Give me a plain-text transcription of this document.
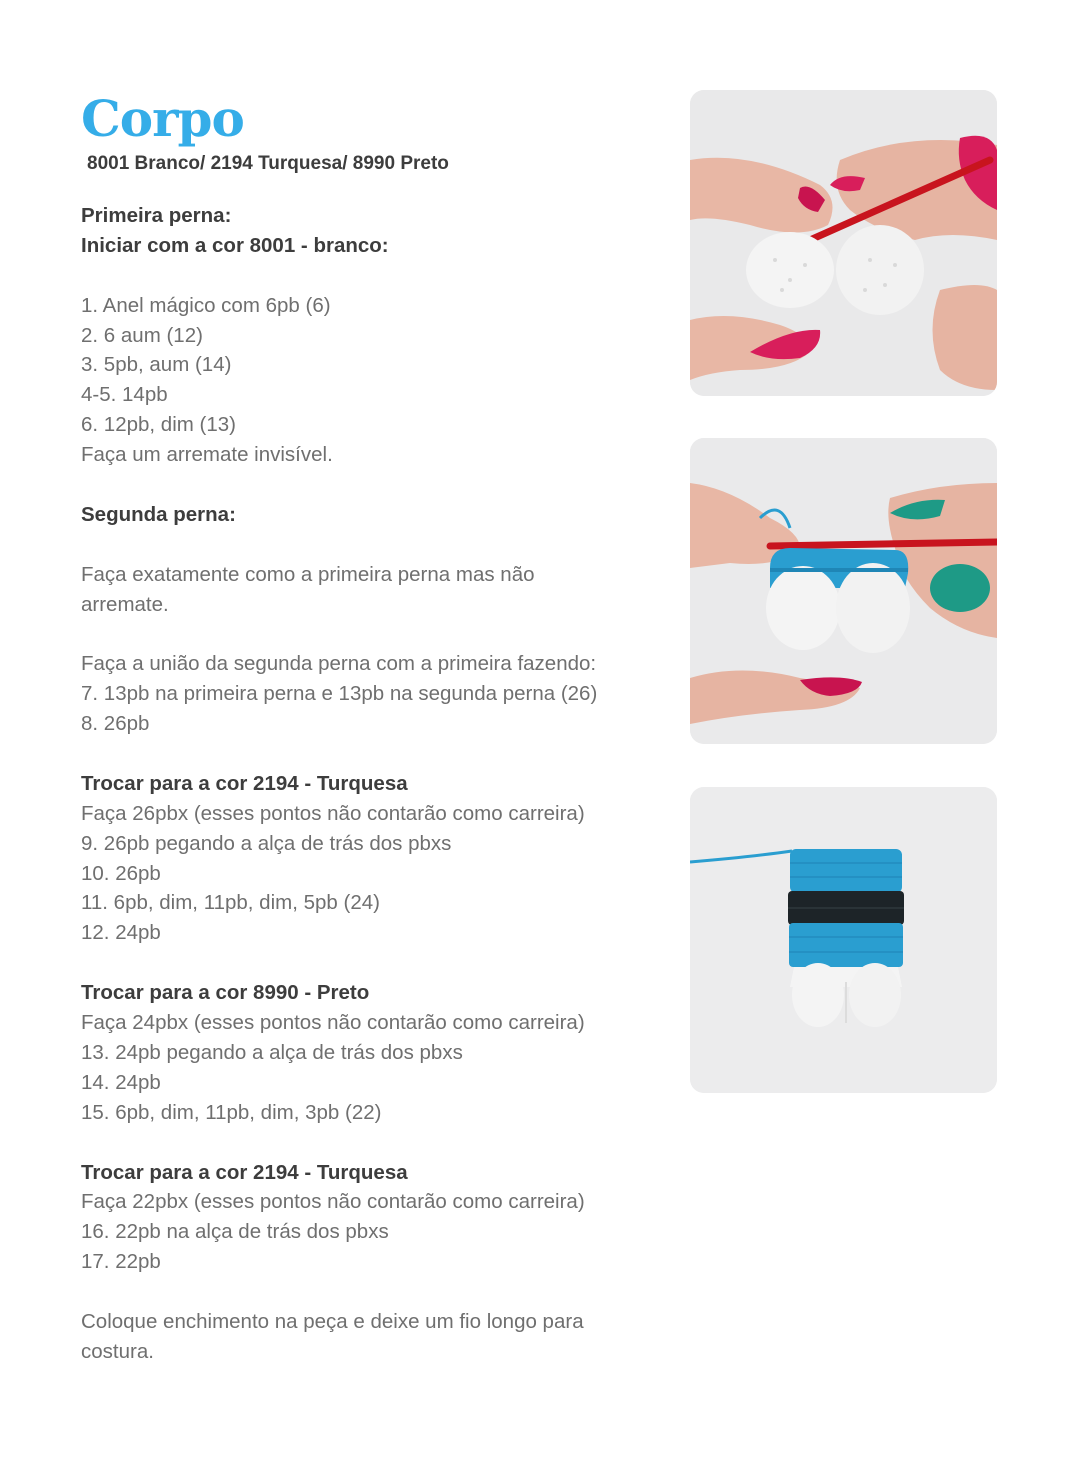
Corpo
8001 Branco/ 2194 Turquesa/ 8990 Preto
Primeira perna:
Iniciar com a cor 8001 - branco:
1. Anel mágico com 6pb (6)
2. 6 aum (12)
3. 5pb, aum (14)
4-5. 14pb
6. 12pb, dim (13)
Faça um arremate invisível.
Segunda perna:
Faça exatamente como a primeira perna mas não
arremate.
Faça a união da segunda perna com a primeira fazendo:
7. 13pb na primeira perna e 13pb na segunda perna (26)
8. 26pb
Trocar para a cor 2194 - Turquesa
Faça 26pbx (esses pontos não contarão como carreira)
9. 26pb pegando a alça de trás dos pbxs
10. 26pb
11. 6pb, dim, 11pb, dim, 5pb (24)
12. 24pb
Trocar para a cor 8990 - Preto
Faça 24pbx (esses pontos não contarão como carreira)
13. 24pb pegando a alça de trás dos pbxs
14. 24pb
15. 6pb, dim, 11pb, dim, 3pb (22)
Trocar para a cor 2194 - Turquesa
Faça 22pbx (esses pontos não contarão como carreira)
16. 22pb na alça de trás dos pbxs
17. 22pb
Coloque enchimento na peça e deixe um fio longo para
costura.
